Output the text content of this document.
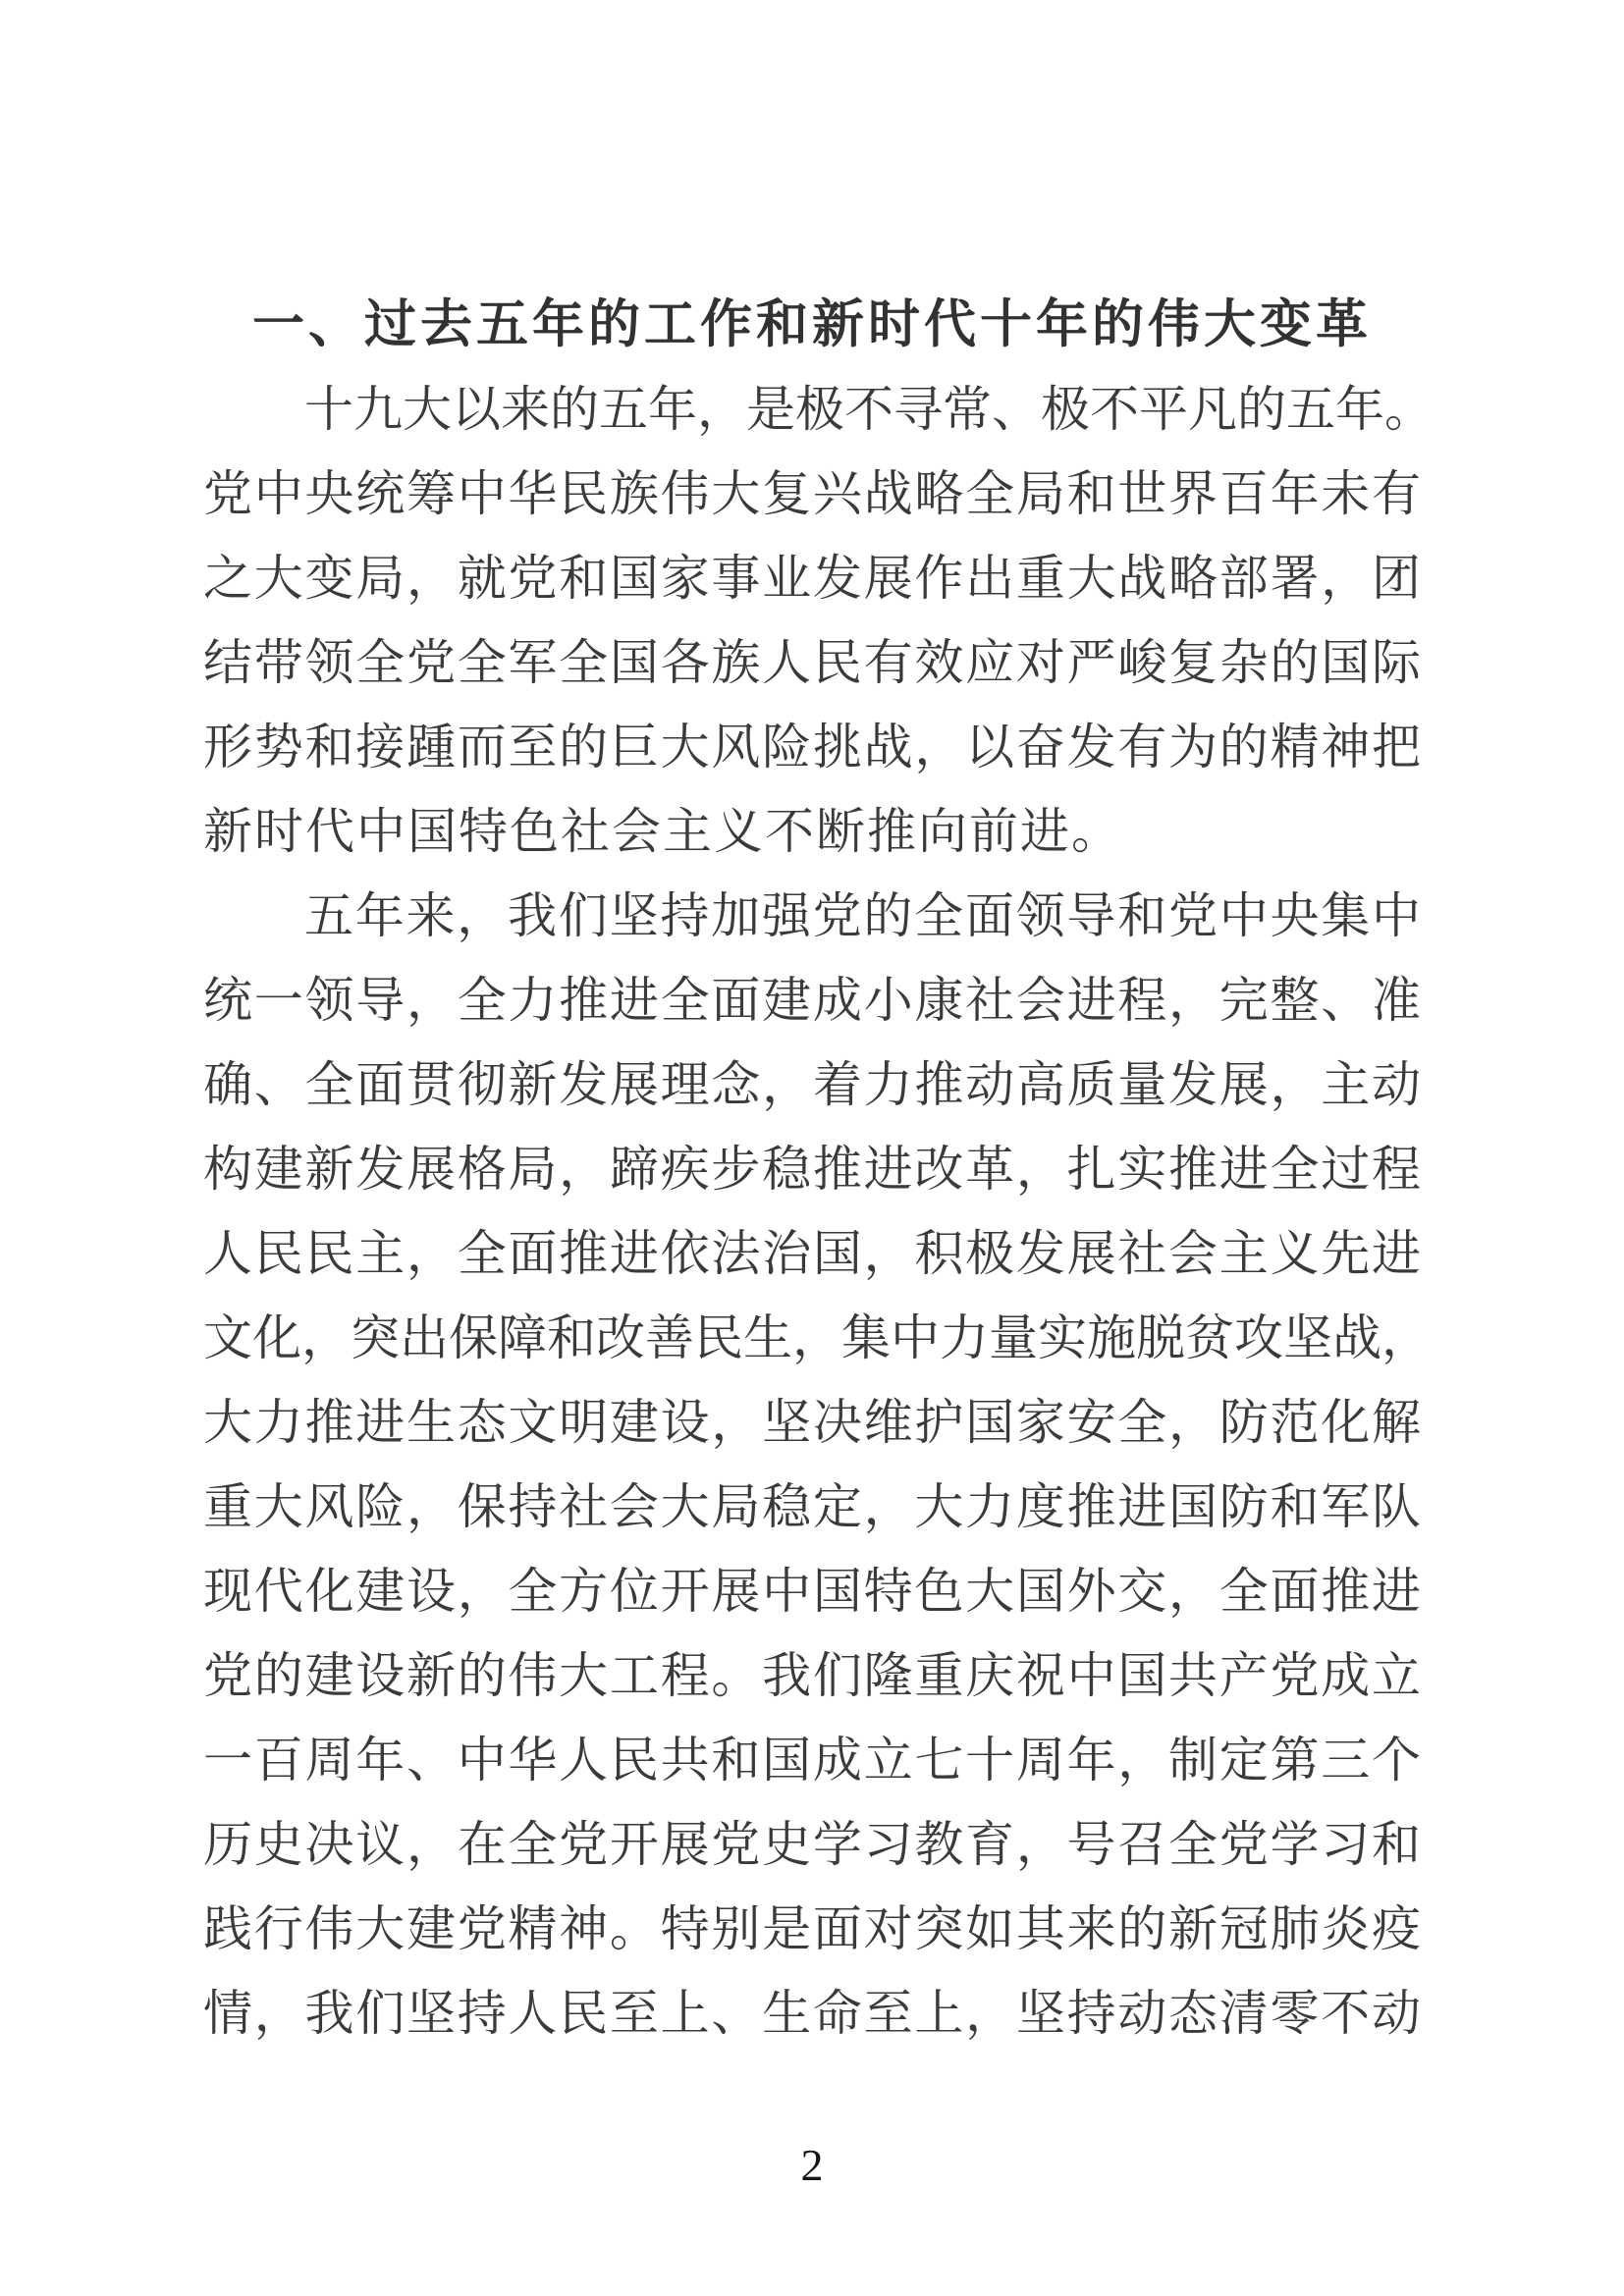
一、过去五年的工作和新时代十年的伟大变革
十九大以来的五年，是极不寻常、极不平凡的五年。
党中央统筹中华民族伟大复兴战略全局和世界百年未有
之大变局，就党和国家事业发展作出重大战略部署，团
结带领全党全军全国各族人民有效应对严峻复杂的国际
形势和接踵而至的巨大风险挑战，以奋发有为的精神把
新时代中国特色社会主义不断推向前进。
五年来，我们坚持加强党的全面领导和党中央集中
统一领导，全力推进全面建成小康社会进程，完整、准
确、全面贯彻新发展理念，着力推动高质量发展，主动
构建新发展格局，蹄疾步稳推进改革，扎实推进全过程
人民民主，全面推进依法治国，积极发展社会主义先进
文化，突出保障和改善民生，集中力量实施脱贫攻坚战，
大力推进生态文明建设，坚决维护国家安全，防范化解
重大风险，保持社会大局稳定，大力度推进国防和军队
现代化建设，全方位开展中国特色大国外交，全面推进
党的建设新的伟大工程。我们隆重庆祝中国共产党成立
一百周年、中华人民共和国成立七十周年，制定第三个
历史决议，在全党开展党史学习教育，号召全党学习和
践行伟大建党精神。特别是面对突如其来的新冠肺炎疫
情，我们坚持人民至上、生命至上，坚持动态清零不动
2
